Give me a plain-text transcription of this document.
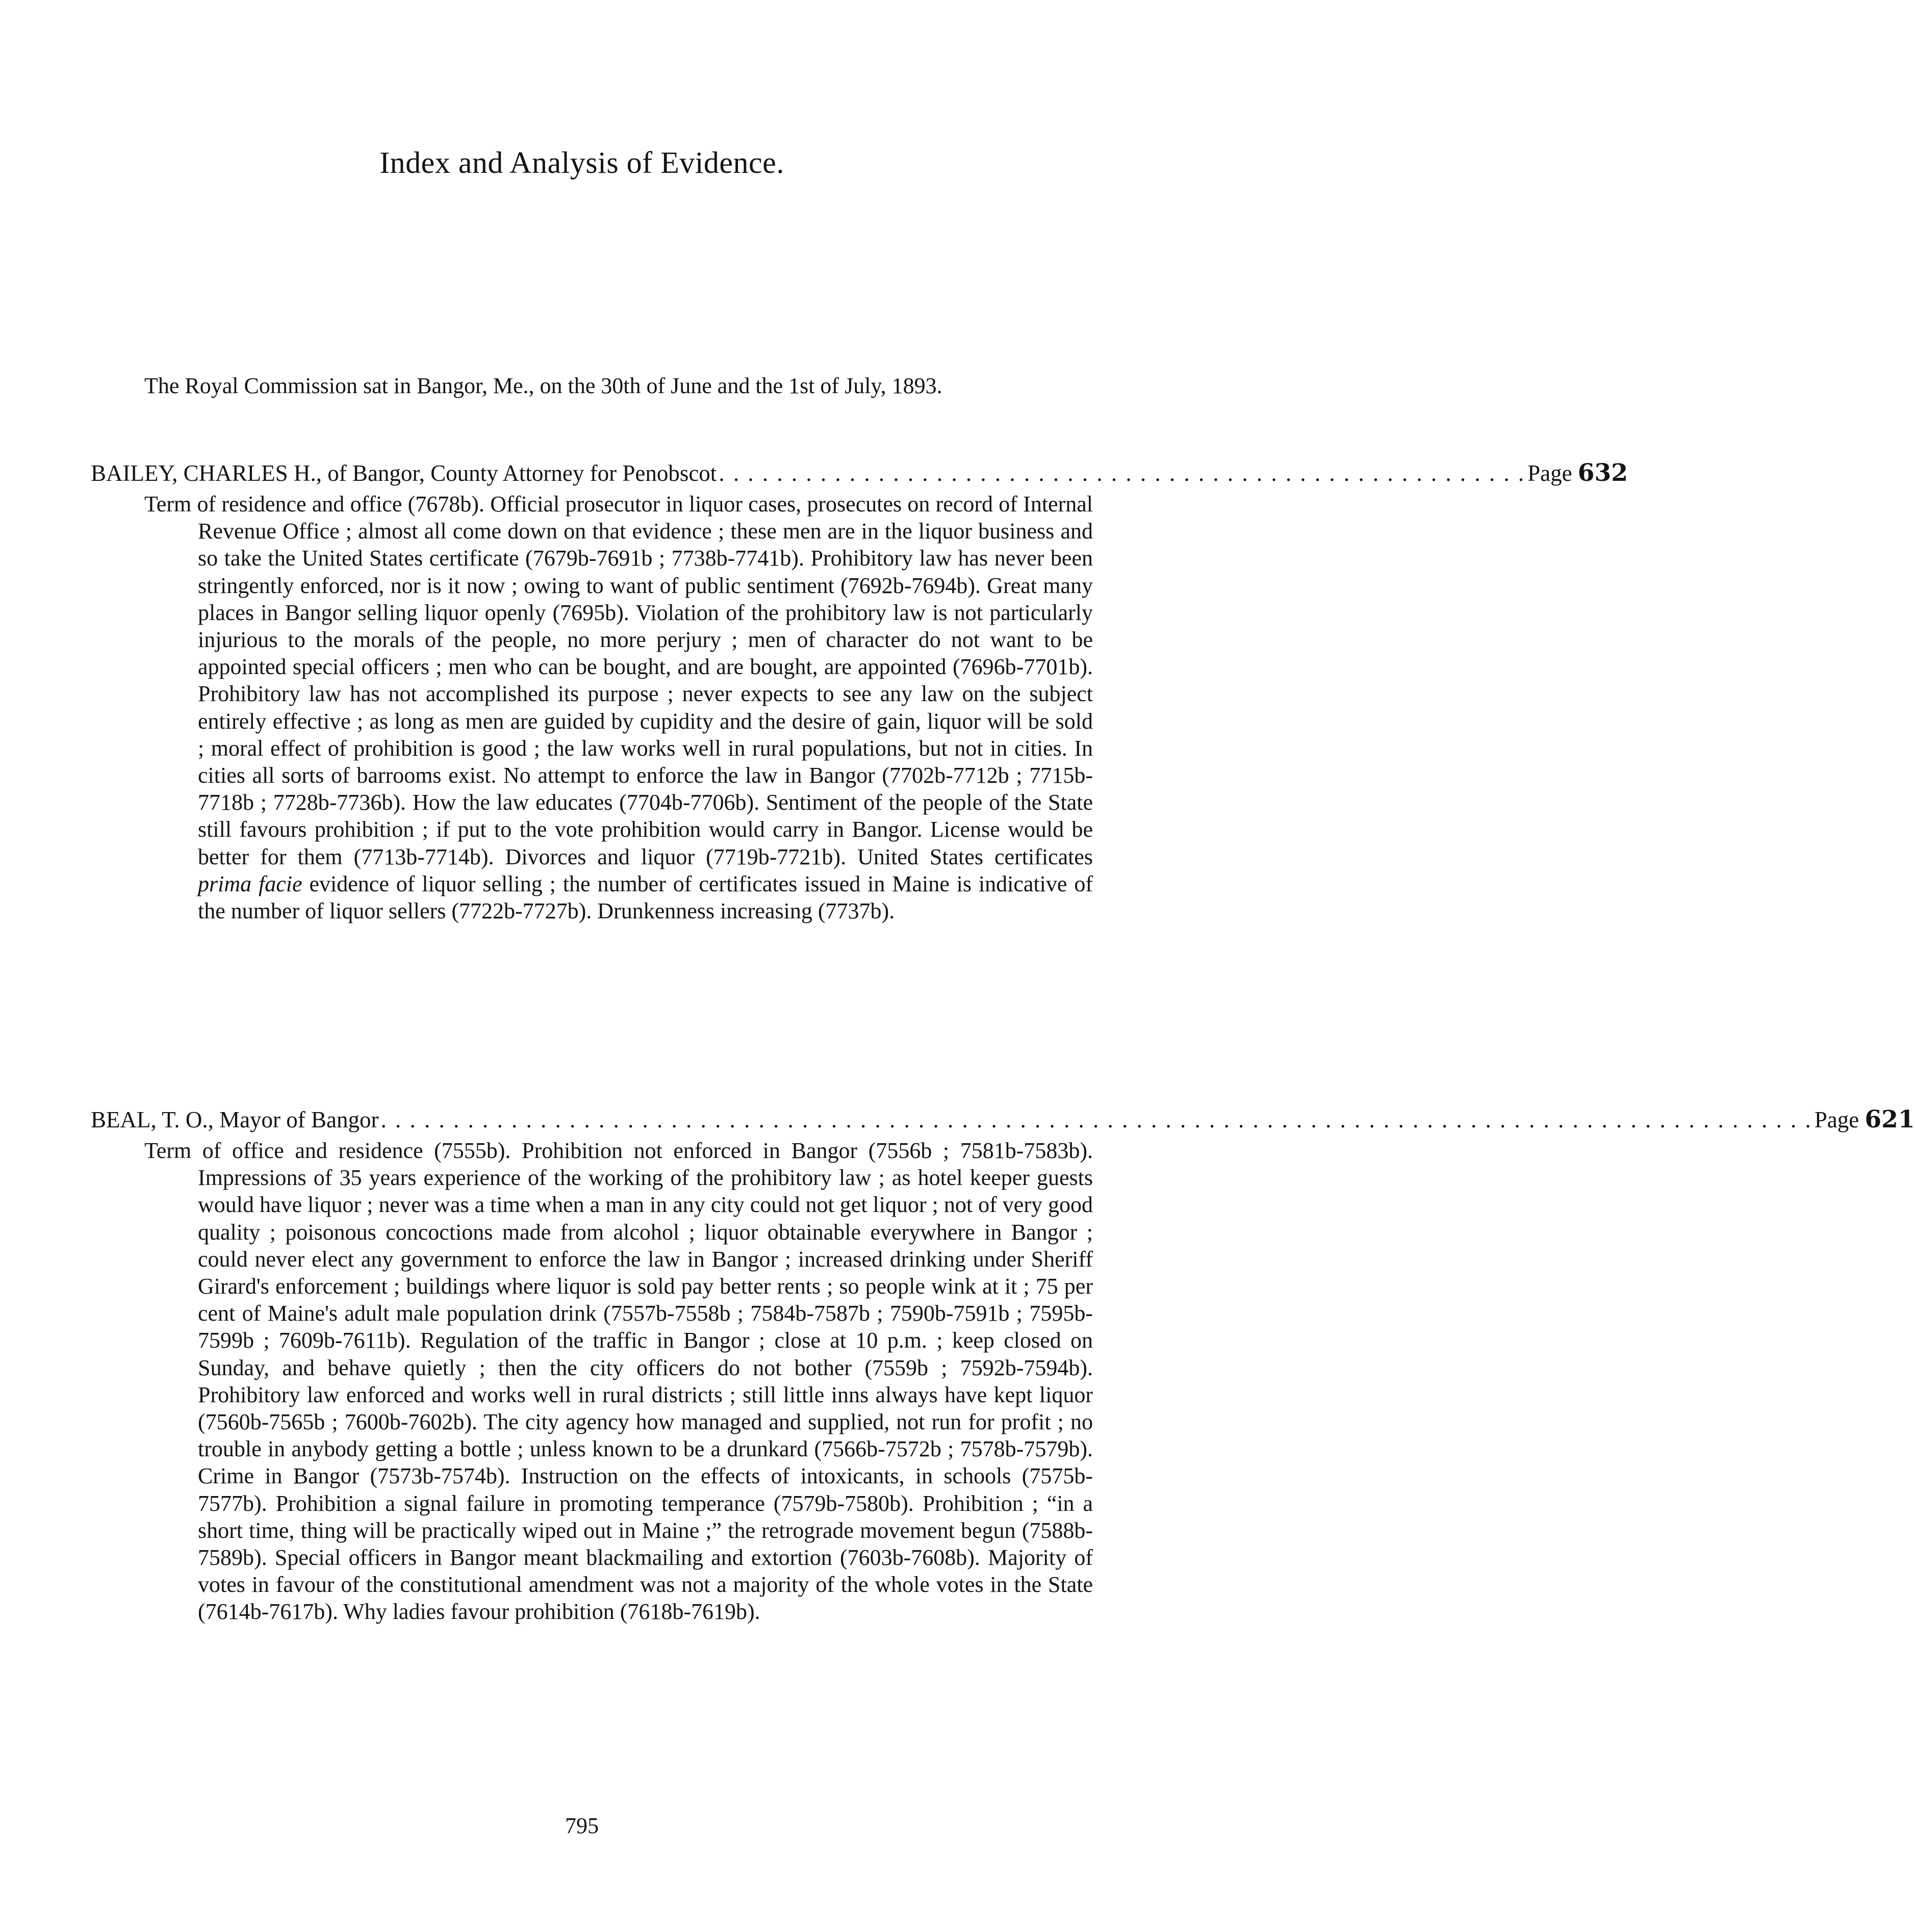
Index and Analysis of Evidence.
The Royal Commission sat in Bangor, Me., on the 30th of June and the 1st of July, 1893.
BAILEY, CHARLES H., of Bangor, County Attorney for Penobscot . . . . . . . . . . . . . . . . . . . . . . . . . . . . . . . . . . . . . . . . . . . . . . . . . . . . . . . . Page 632
Term of residence and office (7678b). Official prosecutor in liquor cases, prosecutes on record of Internal Revenue Office ; almost all come down on that evidence ; these men are in the liquor business and so take the United States certificate (7679b-7691b ; 7738b-7741b). Prohibitory law has never been stringently enforced, nor is it now ; owing to want of public sentiment (7692b-7694b). Great many places in Bangor selling liquor openly (7695b). Violation of the prohibitory law is not particularly injurious to the morals of the people, no more perjury ; men of character do not want to be appointed special officers ; men who can be bought, and are bought, are appointed (7696b-7701b). Prohibitory law has not accomplished its purpose ; never expects to see any law on the subject entirely effective ; as long as men are guided by cupidity and the desire of gain, liquor will be sold ; moral effect of prohibition is good ; the law works well in rural populations, but not in cities. In cities all sorts of barrooms exist. No attempt to enforce the law in Bangor (7702b-7712b ; 7715b-7718b ; 7728b-7736b). How the law educates (7704b-7706b). Sentiment of the people of the State still favours prohibition ; if put to the vote prohibition would carry in Bangor. License would be better for them (7713b-7714b). Divorces and liquor (7719b-7721b). United States certificates prima facie evidence of liquor selling ; the number of certificates issued in Maine is indicative of the number of liquor sellers (7722b-7727b). Drunkenness increasing (7737b).
BEAL, T. O., Mayor of Bangor . . . . . . . . . . . . . . . . . . . . . . . . . . . . . . . . . . . . . . . . . . . . . . . . . . . . . . . . . . . . . . . . . . . . . . . . . . . . . . . . . . . . . . . . . . . . . . . . . . . Page 621
Term of office and residence (7555b). Prohibition not enforced in Bangor (7556b ; 7581b-7583b). Impressions of 35 years experience of the working of the prohibitory law ; as hotel keeper guests would have liquor ; never was a time when a man in any city could not get liquor ; not of very good quality ; poisonous concoctions made from alcohol ; liquor obtainable everywhere in Bangor ; could never elect any government to enforce the law in Bangor ; increased drinking under Sheriff Girard's enforcement ; buildings where liquor is sold pay better rents ; so people wink at it ; 75 per cent of Maine's adult male population drink (7557b-7558b ; 7584b-7587b ; 7590b-7591b ; 7595b-7599b ; 7609b-7611b). Regulation of the traffic in Bangor ; close at 10 p.m. ; keep closed on Sunday, and behave quietly ; then the city officers do not bother (7559b ; 7592b-7594b). Prohibitory law enforced and works well in rural districts ; still little inns always have kept liquor (7560b-7565b ; 7600b-7602b). The city agency how managed and supplied, not run for profit ; no trouble in anybody getting a bottle ; unless known to be a drunkard (7566b-7572b ; 7578b-7579b). Crime in Bangor (7573b-7574b). Instruction on the effects of intoxicants, in schools (7575b-7577b). Prohibition a signal failure in promoting temperance (7579b-7580b). Prohibition ; “in a short time, thing will be practically wiped out in Maine ;” the retrograde movement begun (7588b-7589b). Special officers in Bangor meant blackmailing and extortion (7603b-7608b). Majority of votes in favour of the constitutional amendment was not a majority of the whole votes in the State (7614b-7617b). Why ladies favour prohibition (7618b-7619b).
795
